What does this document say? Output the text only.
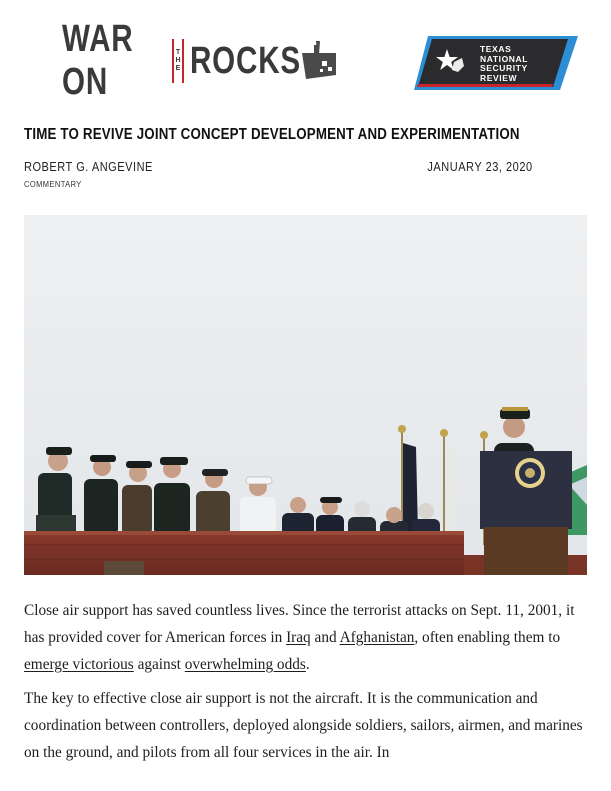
WAR ON
T
H
E ROCKS	TEXAS
NATIONAL
SECURITY
REVIEW
TIME TO REVIVE JOINT CONCEPT DEVELOPMENT AND EXPERIMENTATION
ROBERT G. ANGEVINE
COMMENTARY
JANUARY 23, 2020

Close air support has saved countless lives. Since the terrorist attacks on Sept. 11, 2001, it has provided cover for American forces in Iraq and Afghanistan, often enabling them to emerge victorious against overwhelming odds.

The key to effective close air support is not the aircraft. It is the communication and coordination between controllers, deployed alongside soldiers, sailors, airmen, and marines on the ground, and pilots from all four services in the air. In
